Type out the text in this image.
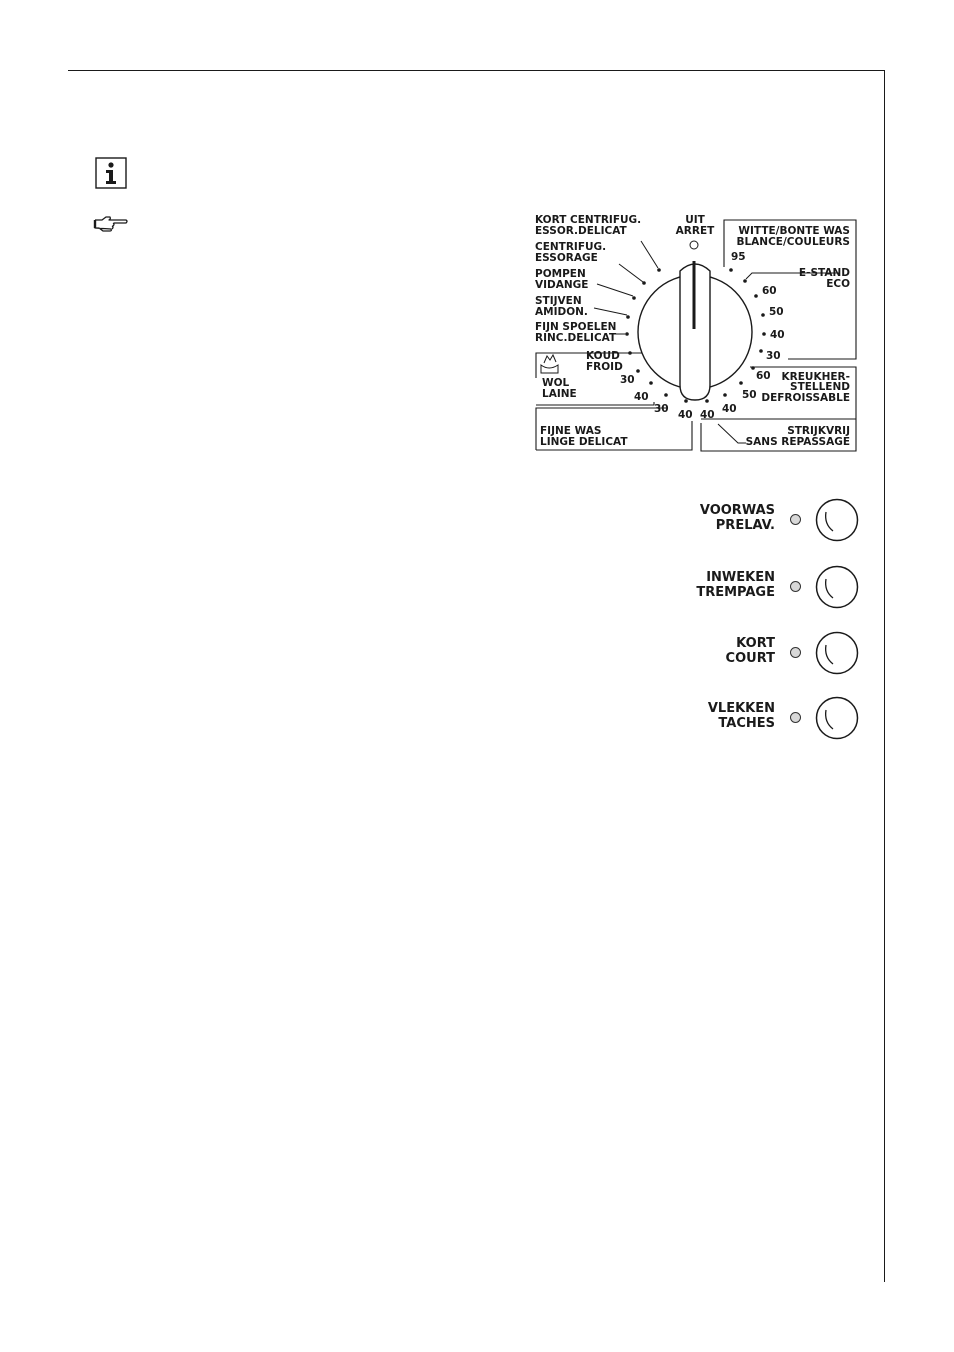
KORT CENTRIFUG.
ESSOR.DELICAT
CENTRIFUG.
ESSORAGE
POMPEN
VIDANGE
STIJVEN
AMIDON.
FIJN SPOELEN
RINC.DELICAT
UIT
ARRET
KOUD
FROID
WOL
LAINE
30
40
30 40
FIJNE WAS
LINGE DELICAT
WITTE/BONTE WAS
BLANCE/COULEURS
95
E-STAND
ECO
60
50
40
30
KREUKHER-
STELLEND
DEFROISSABLE
60
50
40
40
STRIJKVRIJ
SANS REPASSAGE
VOORWAS
PRELAV.
INWEKEN
TREMPAGE
KORT
COURT
VLEKKEN
TACHES
